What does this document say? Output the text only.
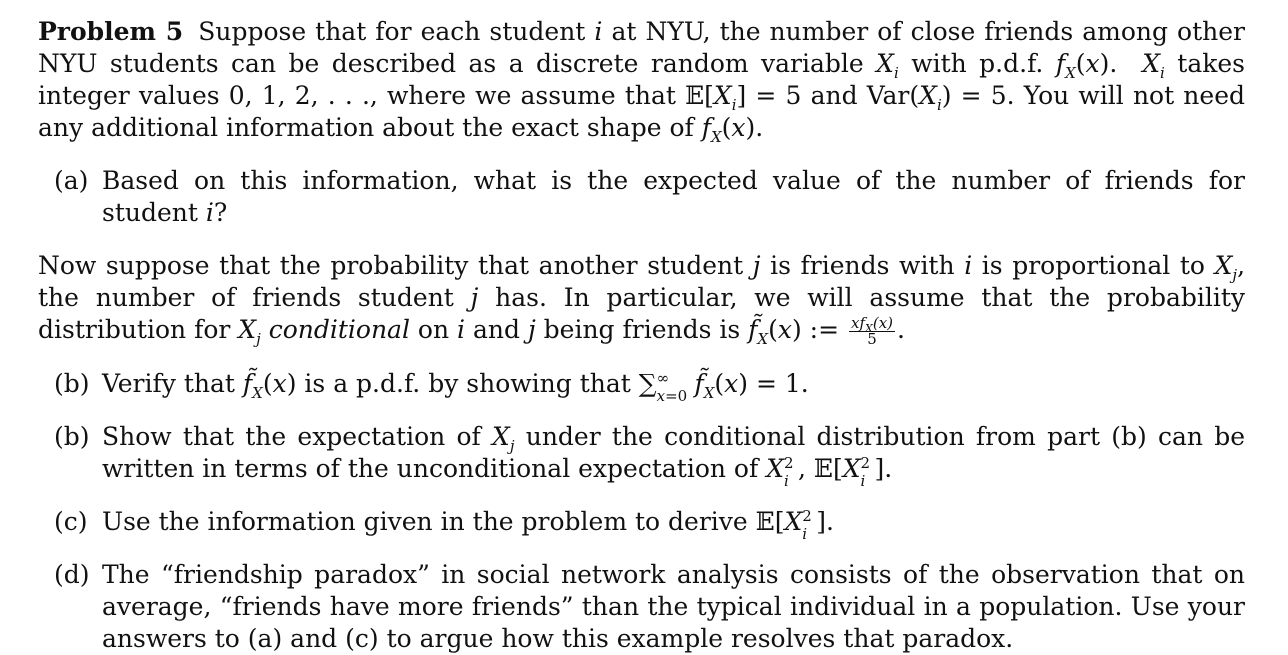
Problem 5 Suppose that for each student i at NYU, the number of close friends among other NYU students can be described as a discrete random variable $X_i$ with p.d.f. $f_X(x)$.  $X_i$ takes integer values 0, 1, 2, . . ., where we assume that $𝔼[X_i] = 5$ and $Var(X_i) = 5$. You will not need any additional information about the exact shape of $f_X(x)$.

(a) Based on this information, what is the expected value of the number of friends for student i?

Now suppose that the probability that another student j is friends with i is proportional to $X_j$, the number of friends student j has. In particular, we will assume that the probability distribution for $X_j$ conditional on i and j being friends is $f̃_X(x)$ := $\frac{xf_X(x)}{5}$ .

(b) Verify that $f̃_X(x)$ is a p.d.f. by showing that ∑ ∞
x=0 $f̃_X(x) = 1$.
(b) Show that the expectation of $X_j$ under the conditional distribution from part (b) can be written in terms of the unconditional expectation of X 2
i , 𝔼[X 2
i ].
(c) Use the information given in the problem to derive 𝔼[X 2
i ].
(d) The “friendship paradox” in social network analysis consists of the observation that on average, “friends have more friends” than the typical individual in a population. Use your answers to (a) and (c) to argue how this example resolves that paradox.
